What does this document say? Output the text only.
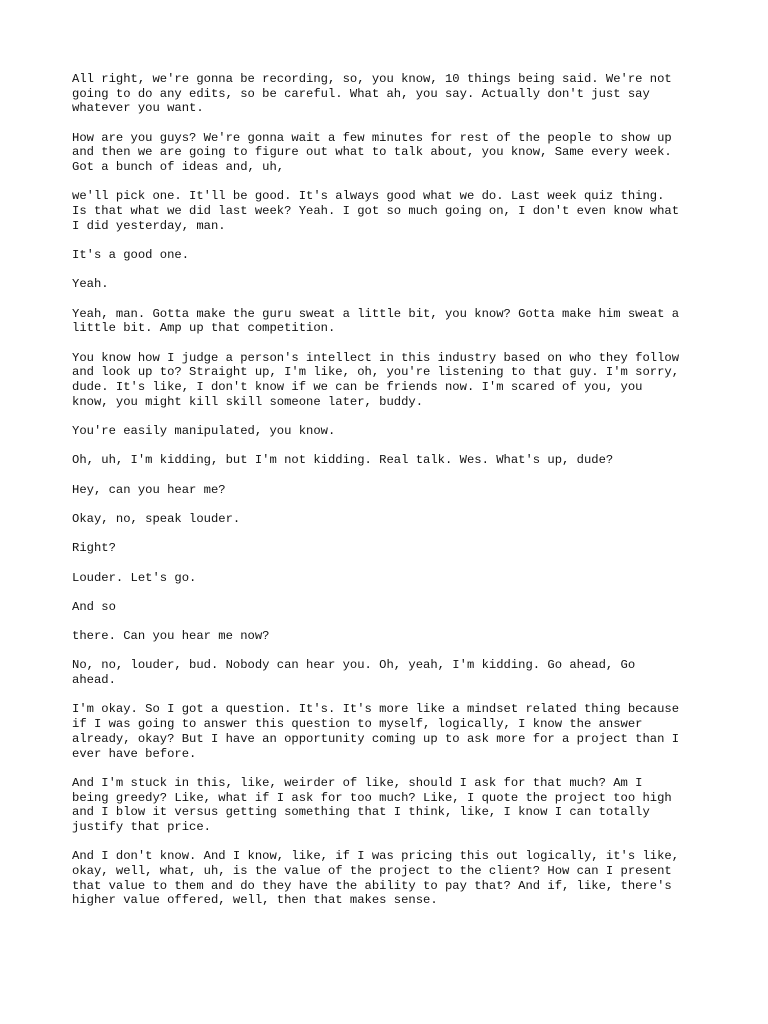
All right, we're gonna be recording, so, you know, 10 things being said. We're not
going to do any edits, so be careful. What ah, you say. Actually don't just say
whatever you want.

How are you guys? We're gonna wait a few minutes for rest of the people to show up
and then we are going to figure out what to talk about, you know, Same every week.
Got a bunch of ideas and, uh,

we'll pick one. It'll be good. It's always good what we do. Last week quiz thing.
Is that what we did last week? Yeah. I got so much going on, I don't even know what
I did yesterday, man.

It's a good one.

Yeah.

Yeah, man. Gotta make the guru sweat a little bit, you know? Gotta make him sweat a
little bit. Amp up that competition.

You know how I judge a person's intellect in this industry based on who they follow
and look up to? Straight up, I'm like, oh, you're listening to that guy. I'm sorry,
dude. It's like, I don't know if we can be friends now. I'm scared of you, you
know, you might kill skill someone later, buddy.

You're easily manipulated, you know.

Oh, uh, I'm kidding, but I'm not kidding. Real talk. Wes. What's up, dude?

Hey, can you hear me?

Okay, no, speak louder.

Right?

Louder. Let's go.

And so

there. Can you hear me now?

No, no, louder, bud. Nobody can hear you. Oh, yeah, I'm kidding. Go ahead, Go
ahead.

I'm okay. So I got a question. It's. It's more like a mindset related thing because
if I was going to answer this question to myself, logically, I know the answer
already, okay? But I have an opportunity coming up to ask more for a project than I
ever have before.

And I'm stuck in this, like, weirder of like, should I ask for that much? Am I
being greedy? Like, what if I ask for too much? Like, I quote the project too high
and I blow it versus getting something that I think, like, I know I can totally
justify that price.

And I don't know. And I know, like, if I was pricing this out logically, it's like,
okay, well, what, uh, is the value of the project to the client? How can I present
that value to them and do they have the ability to pay that? And if, like, there's
higher value offered, well, then that makes sense.
